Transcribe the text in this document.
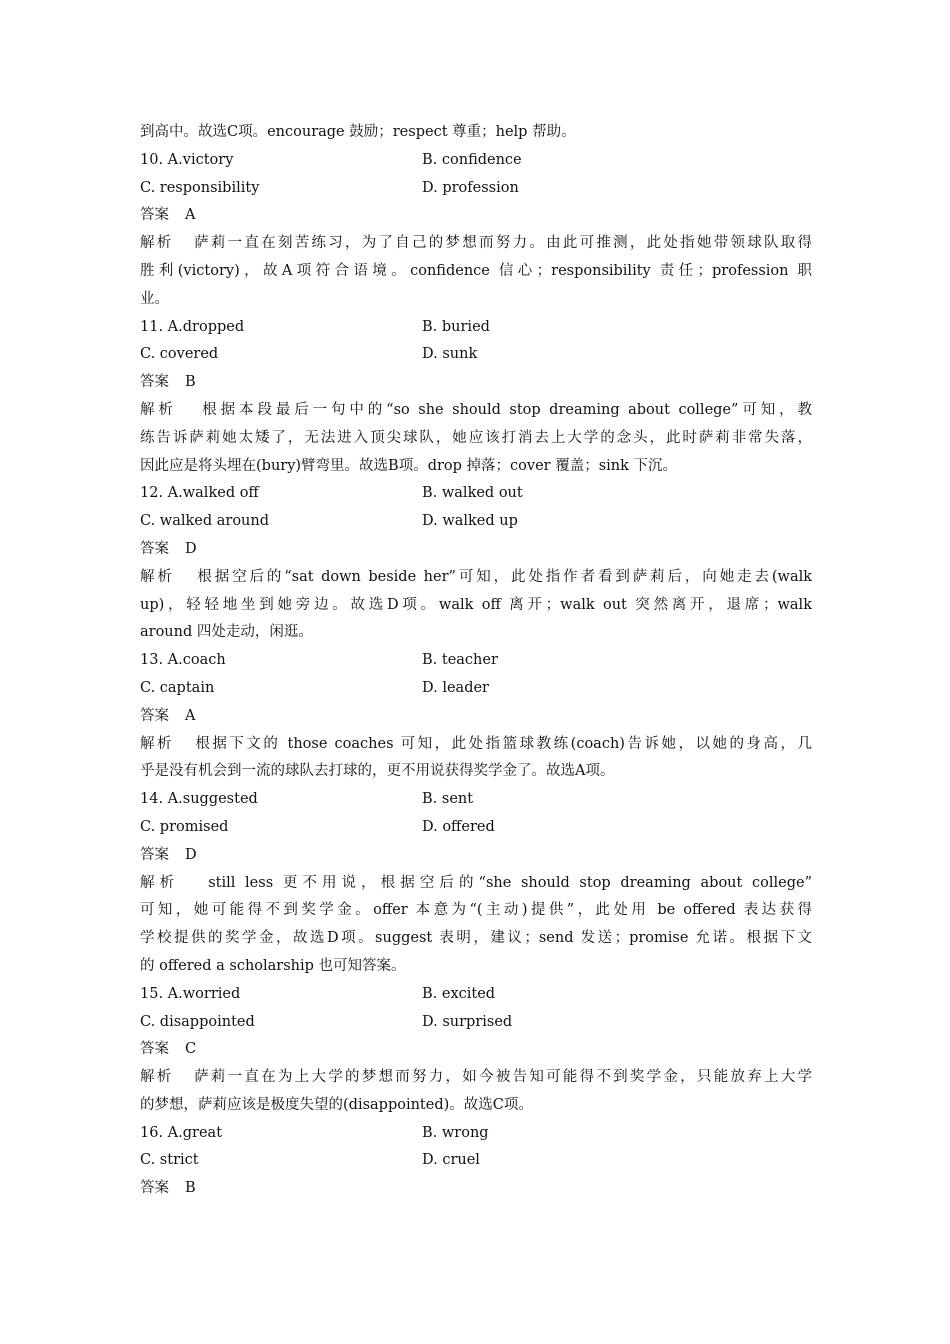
到高中。故选C项。encourage 鼓励；respect 尊重；help 帮助。
10. A.victory	B. confidence
C. responsibility	D. profession
答案 A
解析 萨莉一直在刻苦练习，为了自己的梦想而努力。由此可推测，此处指她带领球队取得
胜利(victory)，故A项符合语境。confidence 信心；responsibility 责任；profession 职
业。
11. A.dropped	B. buried
C. covered	D. sunk
答案 B
解析 根据本段最后一句中的“so she should stop dreaming about college”可知，教
练告诉萨莉她太矮了，无法进入顶尖球队，她应该打消去上大学的念头，此时萨莉非常失落，
因此应是将头埋在(bury)臂弯里。故选B项。drop 掉落；cover 覆盖；sink 下沉。
12. A.walked off	B. walked out
C. walked around	D. walked up
答案 D
解析 根据空后的“sat down beside her”可知，此处指作者看到萨莉后，向她走去(walk
up)，轻轻地坐到她旁边。故选D项。walk off 离开；walk out 突然离开，退席；walk
around 四处走动，闲逛。
13. A.coach	B. teacher
C. captain	D. leader
答案 A
解析 根据下文的 those coaches 可知，此处指篮球教练(coach)告诉她，以她的身高，几
乎是没有机会到一流的球队去打球的，更不用说获得奖学金了。故选A项。
14. A.suggested	B. sent
C. promised	D. offered
答案 D
解析 still less 更不用说，根据空后的“she should stop dreaming about college”
可知，她可能得不到奖学金。offer 本意为“(主动)提供”，此处用 be offered 表达获得
学校提供的奖学金，故选D项。suggest 表明，建议；send 发送；promise 允诺。根据下文
的 offered a scholarship 也可知答案。
15. A.worried	B. excited
C. disappointed	D. surprised
答案 C
解析 萨莉一直在为上大学的梦想而努力，如今被告知可能得不到奖学金，只能放弃上大学
的梦想，萨莉应该是极度失望的(disappointed)。故选C项。
16. A.great	B. wrong
C. strict	D. cruel
答案 B
